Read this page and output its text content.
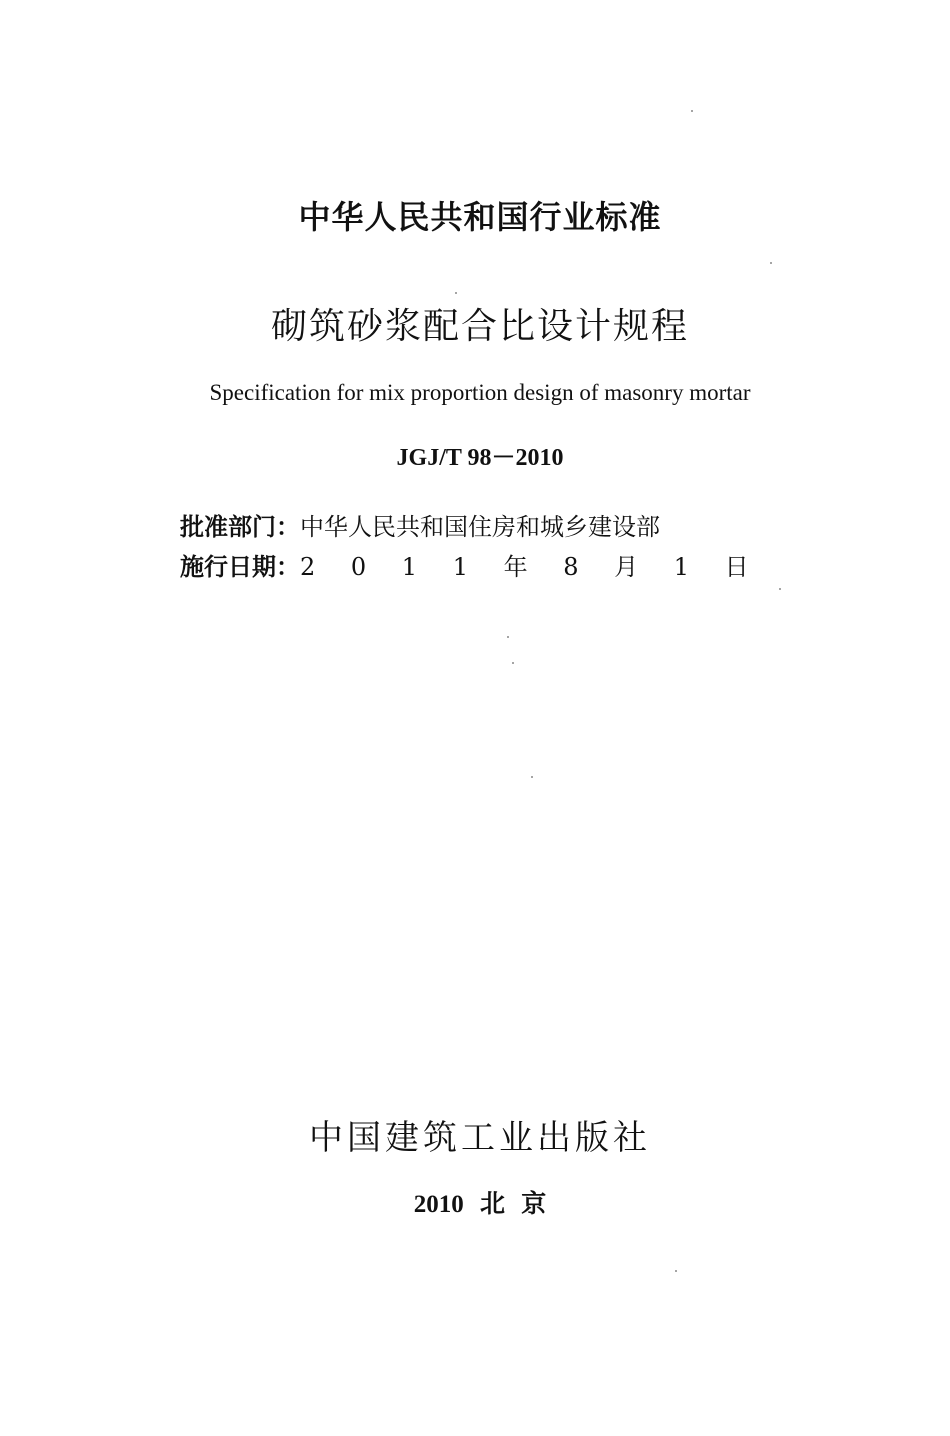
中华人民共和国行业标准
砌筑砂浆配合比设计规程
Specification for mix proportion design of masonry mortar
JGJ/T 98－2010
批准部门：中华人民共和国住房和城乡建设部
施行日期：2 0 1 1 年 8 月 1 日
中国建筑工业出版社
2010 北 京
